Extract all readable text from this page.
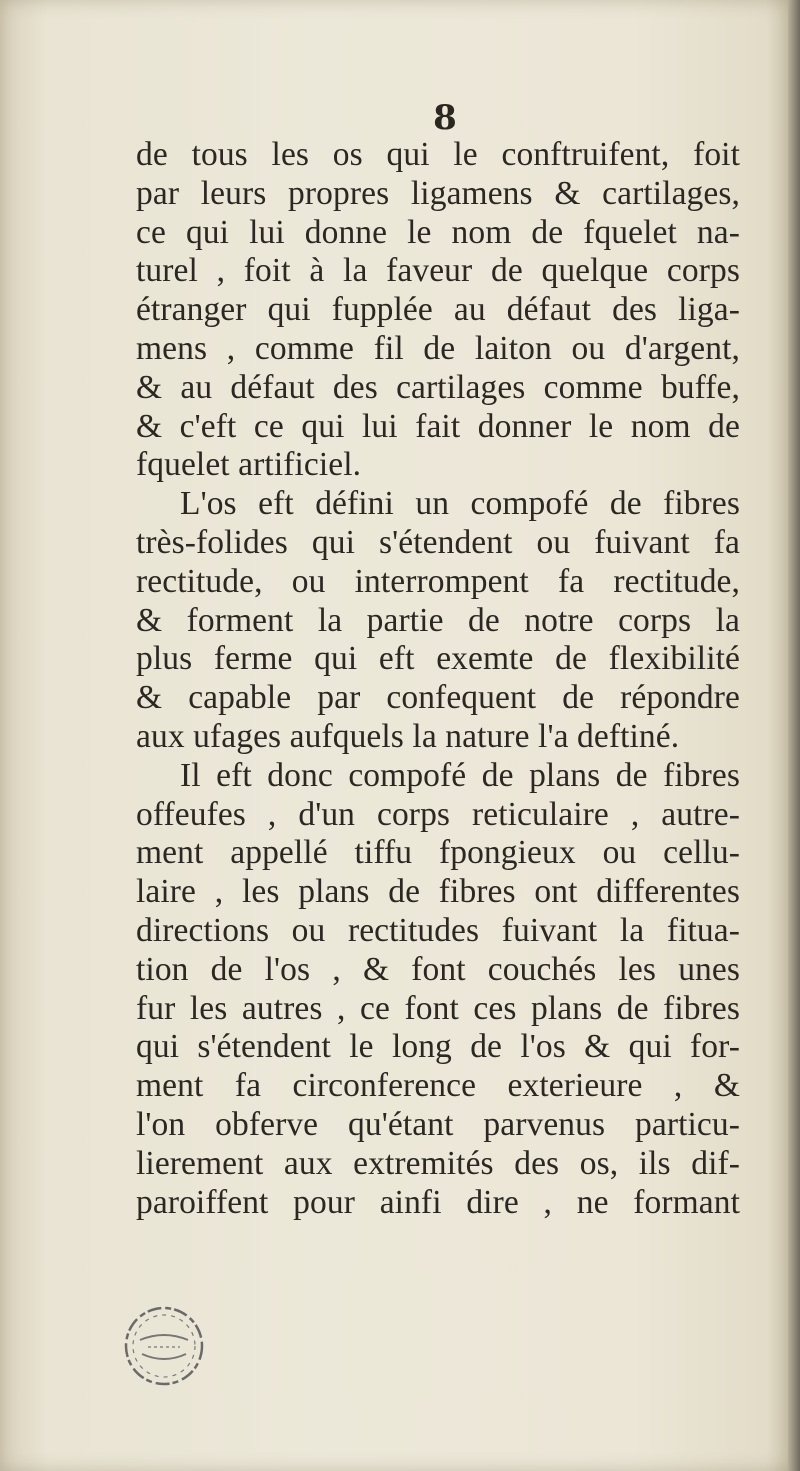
8
de tous les os qui le conftruifent, foit
par leurs propres ligamens & cartilages,
ce qui lui donne le nom de fquelet na-
turel , foit à la faveur de quelque corps
étranger qui fupplée au défaut des liga-
mens , comme fil de laiton ou d'argent,
& au défaut des cartilages comme buffe,
& c'eft ce qui lui fait donner le nom de
fquelet artificiel.
L'os eft défini un compofé de fibres
très-folides qui s'étendent ou fuivant fa
rectitude, ou interrompent fa rectitude,
& forment la partie de notre corps la
plus ferme qui eft exemte de flexibilité
& capable par confequent de répondre
aux ufages aufquels la nature l'a deftiné.
Il eft donc compofé de plans de fibres
offeufes , d'un corps reticulaire , autre-
ment appellé tiffu fpongieux ou cellu-
laire , les plans de fibres ont differentes
directions ou rectitudes fuivant la fitua-
tion de l'os , & font couchés les unes
fur les autres , ce font ces plans de fibres
qui s'étendent le long de l'os & qui for-
ment fa circonference exterieure , &
l'on obferve qu'étant parvenus particu-
lierement aux extremités des os, ils dif-
paroiffent pour ainfi dire , ne formant
